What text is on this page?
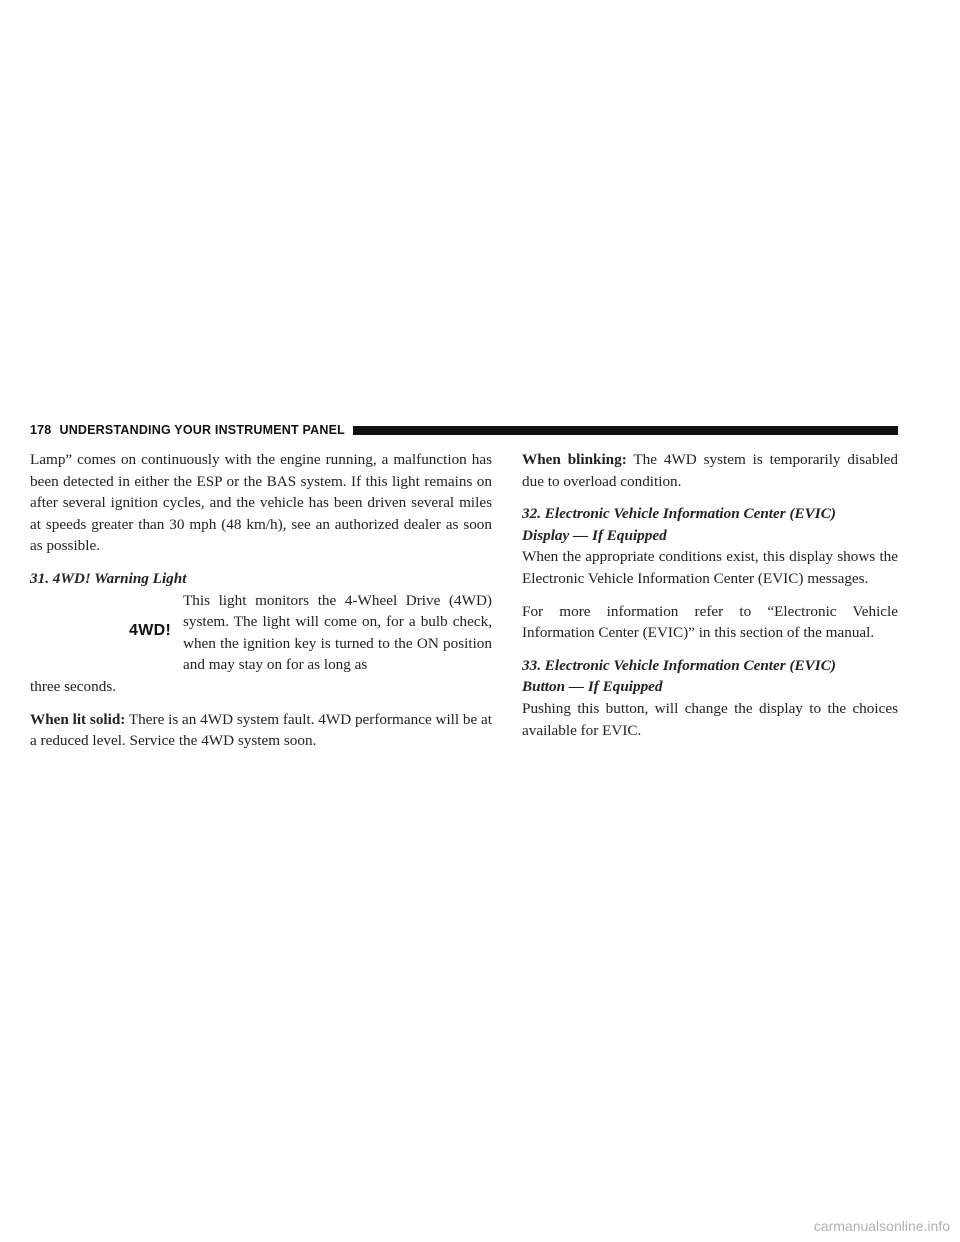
178 UNDERSTANDING YOUR INSTRUMENT PANEL

Lamp” comes on continuously with the engine running, a malfunction has been detected in either the ESP or the BAS system. If this light remains on after several ignition cycles, and the vehicle has been driven several miles at speeds greater than 30 mph (48 km/h), see an authorized dealer as soon as possible.

31. 4WD! Warning Light

4WD!

This light monitors the 4-Wheel Drive (4WD) system. The light will come on, for a bulb check, when the ignition key is turned to the ON position and may stay on for as long as

three seconds.

When lit solid: There is an 4WD system fault. 4WD performance will be at a reduced level. Service the 4WD system soon.

When blinking: The 4WD system is temporarily disabled due to overload condition.

32. Electronic Vehicle Information Center (EVIC)

Display — If Equipped

When the appropriate conditions exist, this display shows the Electronic Vehicle Information Center (EVIC) messages.

For more information refer to “Electronic Vehicle Information Center (EVIC)” in this section of the manual.

33. Electronic Vehicle Information Center (EVIC)

Button — If Equipped

Pushing this button, will change the display to the choices available for EVIC.

carmanualsonline.info
